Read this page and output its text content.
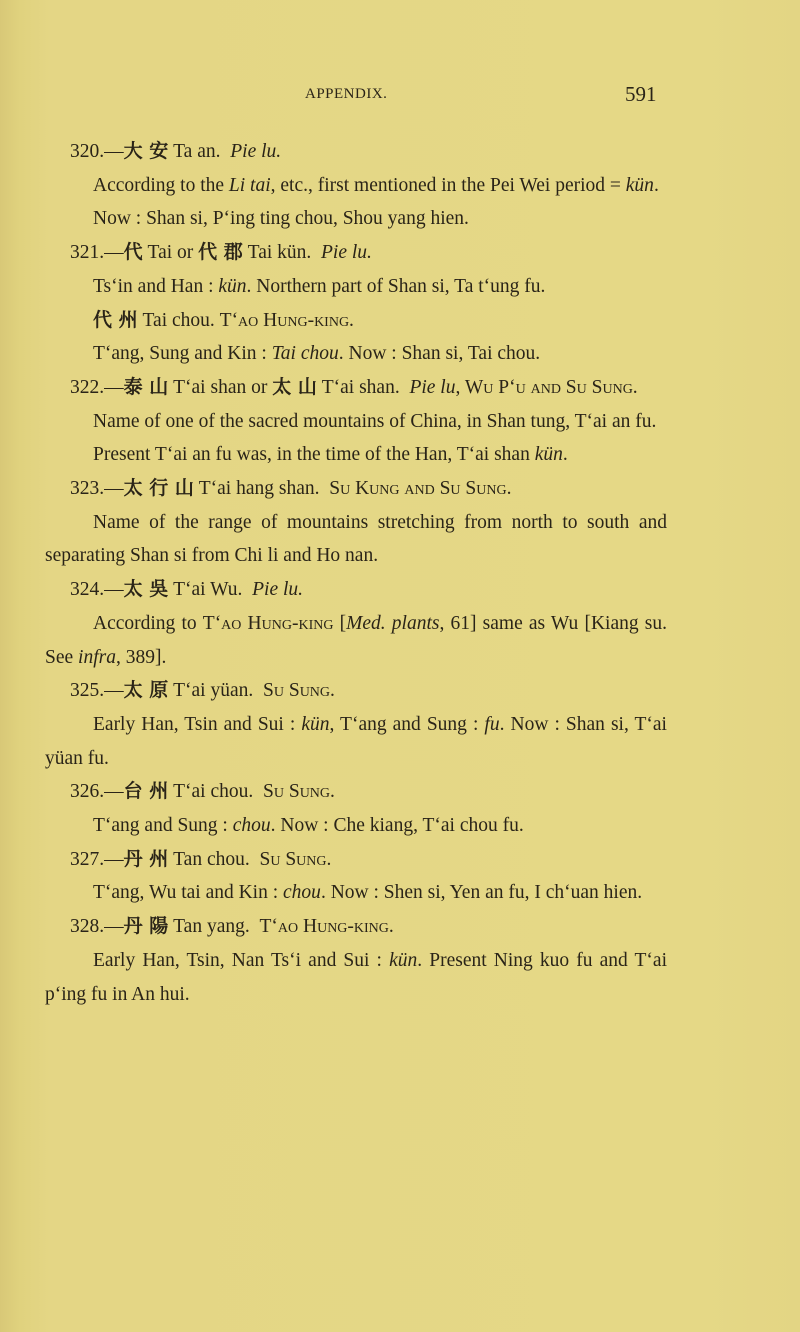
APPENDIX.	591

320.—大 安 Ta an. Pie lu.

According to the Li tai, etc., first mentioned in the Pei Wei period = kün.

Now : Shan si, P‘ing ting chou, Shou yang hien.

321.—代 Tai or 代 郡 Tai kün. Pie lu.

Ts‘in and Han : kün. Northern part of Shan si, Ta t‘ung fu.

代 州 Tai chou. T‘ao Hung-king.

T‘ang, Sung and Kin : Tai chou. Now : Shan si, Tai chou.

322.—泰 山 T‘ai shan or 太 山 T‘ai shan. Pie lu, Wu P‘u and Su Sung.

Name of one of the sacred mountains of China, in Shan tung, T‘ai an fu.

Present T‘ai an fu was, in the time of the Han, T‘ai shan kün.

323.—太 行 山 T‘ai hang shan. Su Kung and Su Sung.

Name of the range of mountains stretching from north to south and separating Shan si from Chi li and Ho nan.

324.—太 吳 T‘ai Wu. Pie lu.

According to T‘ao Hung-king [Med. plants, 61] same as Wu [Kiang su. See infra, 389].

325.—太 原 T‘ai yüan. Su Sung.

Early Han, Tsin and Sui : kün, T‘ang and Sung : fu. Now : Shan si, T‘ai yüan fu.

326.—台 州 T‘ai chou. Su Sung.

T‘ang and Sung : chou. Now : Che kiang, T‘ai chou fu.

327.—丹 州 Tan chou. Su Sung.

T‘ang, Wu tai and Kin : chou. Now : Shen si, Yen an fu, I ch‘uan hien.

328.—丹 陽 Tan yang. T‘ao Hung-king.

Early Han, Tsin, Nan Ts‘i and Sui : kün. Present Ning kuo fu and T‘ai p‘ing fu in An hui.
